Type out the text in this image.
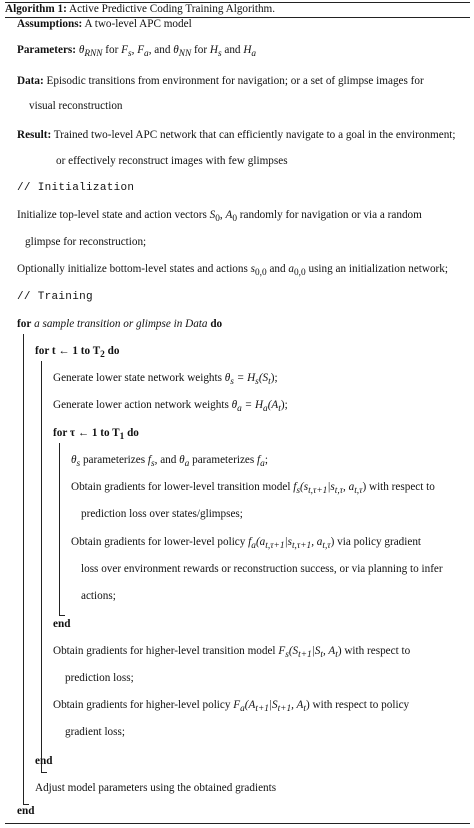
Algorithm 1: Active Predictive Coding Training Algorithm.
Assumptions: A two-level APC model
Parameters: $\theta_{RNN}$ for $F_s$, $F_a$, and $\theta_{NN}$ for $H_s$ and $H_a$
Data: Episodic transitions from environment for navigation; or a set of glimpse images for
visual reconstruction
Result: Trained two-level APC network that can efficiently navigate to a goal in the environment;
or effectively reconstruct images with few glimpses
// Initialization
Initialize top-level state and action vectors $S_0$, $A_0$ randomly for navigation or via a random
glimpse for reconstruction;
Optionally initialize bottom-level states and actions $s_{0,0}$ and $a_{0,0}$ using an initialization network;
// Training
for a sample transition or glimpse in Data do
for t ← 1 to $T_2$ do
Generate lower state network weights $\theta_s = H_s(S_t)$;
Generate lower action network weights $\theta_a = H_a(A_t)$;
for τ ← 1 to $T_1$ do
$\theta_s$ parameterizes $f_s$, and $\theta_a$ parameterizes $f_a$;
Obtain gradients for lower-level transition model $f_s(s_{t,\tau+1}|s_{t,\tau}$, $a_{t,\tau}$) with respect to
prediction loss over states/glimpses;
Obtain gradients for lower-level policy $f_a(a_{t,\tau+1}|s_{t,\tau+1}$, $a_{t,\tau}$) via policy gradient
loss over environment rewards or reconstruction success, or via planning to infer
actions;
end
Obtain gradients for higher-level transition model $F_s(S_{t+1}|S_t$, $A_t$) with respect to
prediction loss;
Obtain gradients for higher-level policy $F_a(A_{t+1}|S_{t+1}$, $A_t$) with respect to policy
gradient loss;
end
Adjust model parameters using the obtained gradients
end
